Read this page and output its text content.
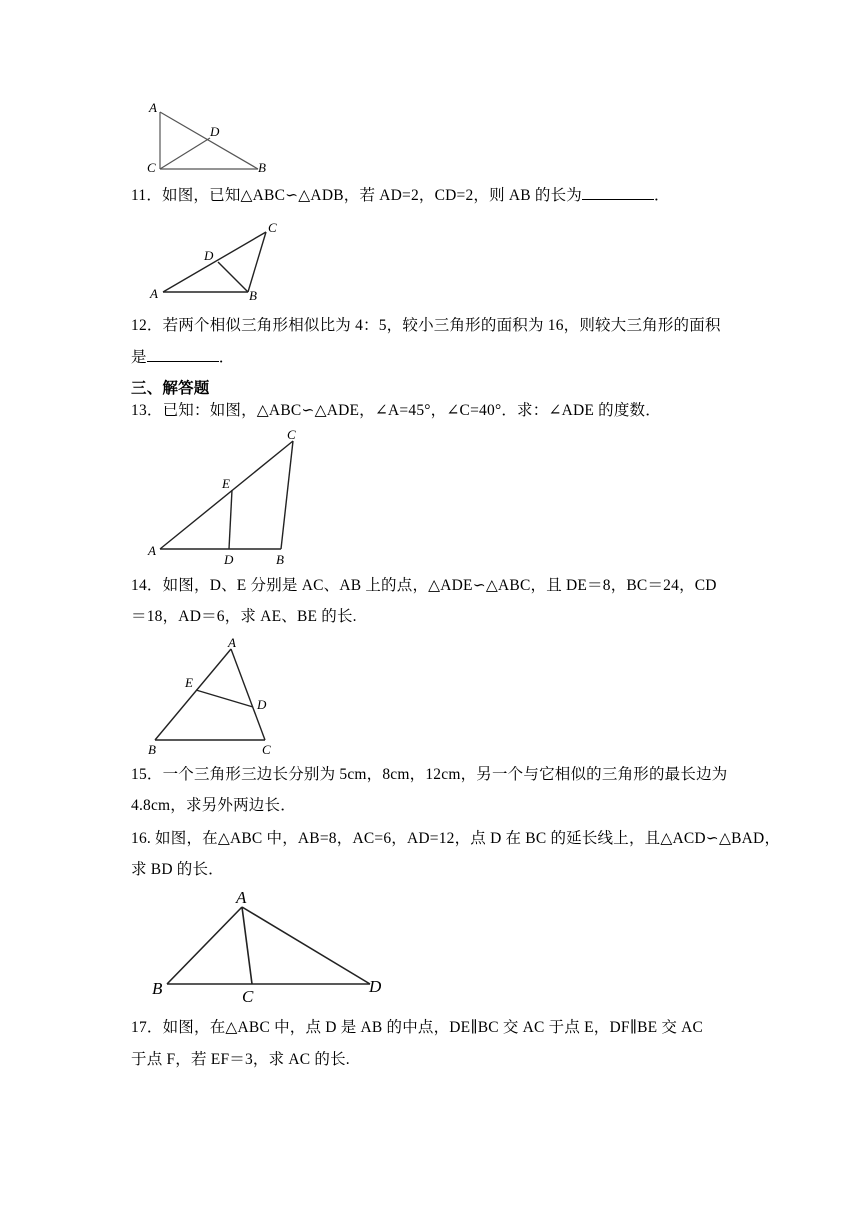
A
C
D
B
11．如图，已知△ABC∽△ADB，若 AD=2，CD=2，则 AB 的长为	．
A	B
C
D
12．若两个相似三角形相似比为 4：5，较小三角形的面积为 16，则较大三角形的面积
是	．
三、解答题
13．已知：如图，△ABC∽△ADE，∠A=45°，∠C=40°．求：∠ADE 的度数．
A
D	B
C
E
14．如图，D、E 分别是 AC、AB 上的点，△ADE∽△ABC，且 DE＝8，BC＝24，CD
＝18，AD＝6，求 AE、BE 的长.
A
B	C
D
E
15．一个三角形三边长分别为 5cm，8cm，12cm，另一个与它相似的三角形的最长边为
4.8cm，求另外两边长．
16. 如图，在△ABC 中，AB=8，AC=6，AD=12，点 D 在 BC 的延长线上，且△ACD∽△BAD，
求 BD 的长．
A
B	C
D
17．如图，在△ABC 中，点 D 是 AB 的中点，DE∥BC 交 AC 于点 E，DF∥BE 交 AC
于点 F，若 EF＝3，求 AC 的长.
